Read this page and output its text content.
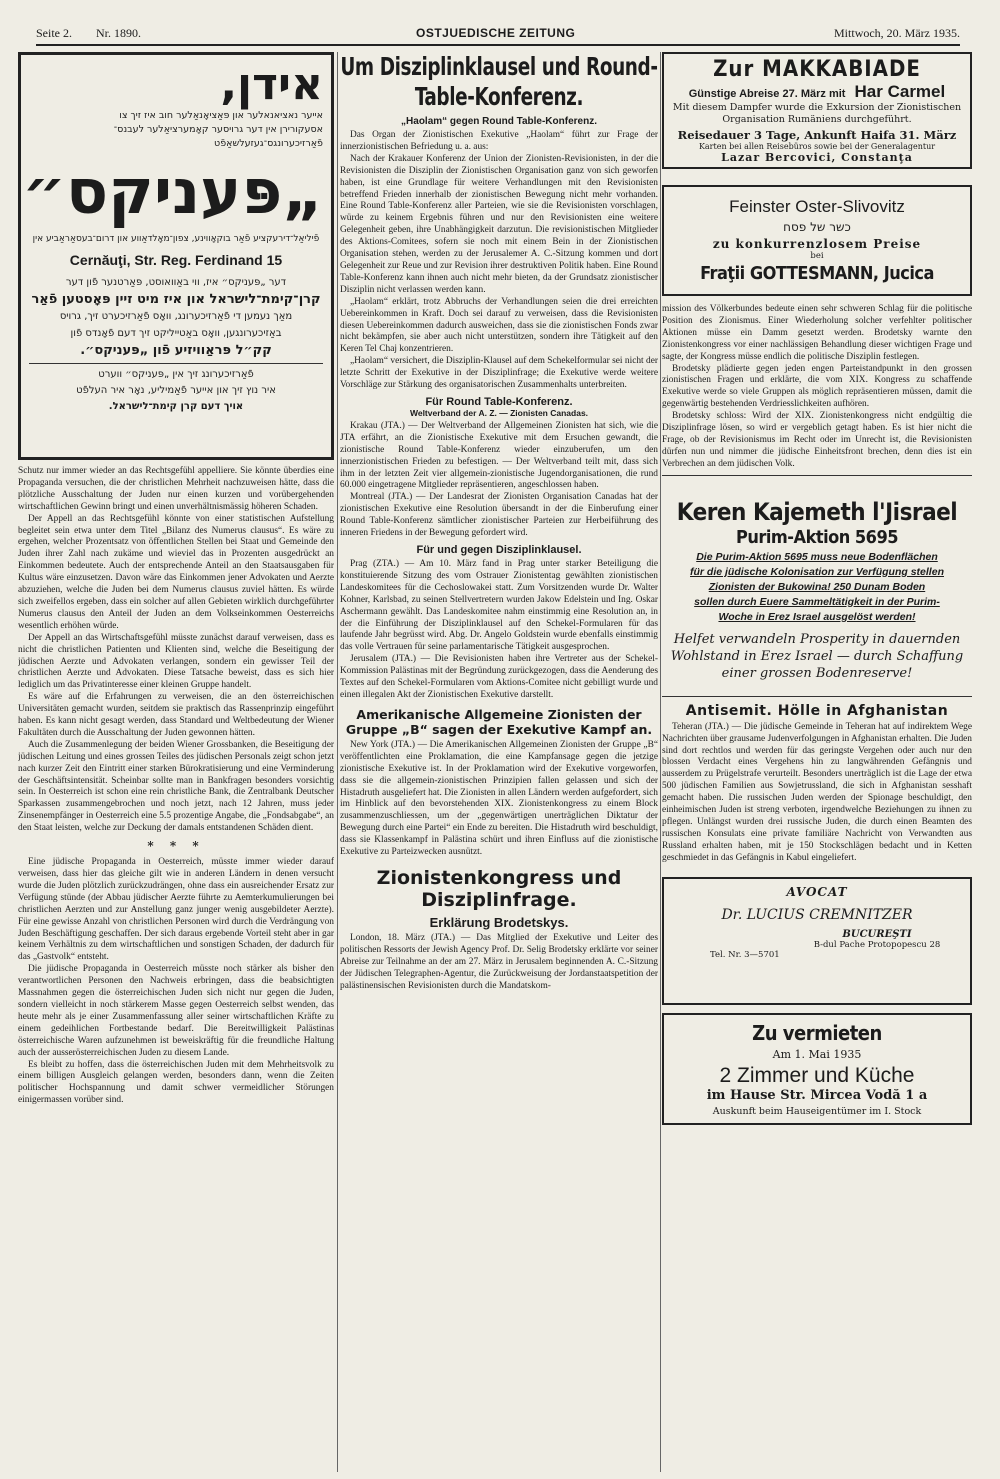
Seite 2. Nr. 1890.	OSTJUEDISCHE ZEITUNG	Mittwoch, 20. März 1935.
אידן,
אייער נאציאנאלער און פּאַציאָנאַלער חוב איז זיך צו
אסעקורירן אין דער גרויסער קאָמערציאַלער לעבנס־
פֿאַרזיכערונגס־געזעלשאַפֿט
„פּעניקס״
פֿיליאַל־דירעקציע פֿאַר בוקאָווינע, צפון־מאָלדאַווע און דרום־בעסאַראַביע אין
Cernăuţi, Str. Reg. Ferdinand 15
דער „פּעניקס״ איז, ווי באַוואוסט, פּאַרטנער פֿון דער
קרן־קימת־לישראל און איז מיט זיין פּאָסטען פֿאַר
מאַך נעמען די פֿאַרזיכערונג, וואָס פֿאַרזיכערט זיך, גרויס
באַזיכערונגען, וואָס באַטייליקט זיך דעם פֿאָנדס פֿון
קק״ל פּראַוויזיע פֿון „פּעניקס״.
פֿאַרזיכערונג זיך אין „פּעניקס״ ווערט
איר נוץ זיך און אייער פֿאַמיליע, נאָר איר העלפֿט
אויך דעם קרן קימת־לישראל.

Schutz nur immer wieder an das Rechtsgefühl appelliere. Sie könnte überdies eine Propaganda versuchen, die der christlichen Mehrheit nachzuweisen hätte, dass die plötzliche Ausschaltung der Juden nur einen kurzen und vorübergehenden wirtschaftlichen Gewinn bringt und einen unverhältnismässig höheren Schaden.

Der Appell an das Rechtsgefühl könnte von einer statistischen Aufstellung begleitet sein etwa unter dem Titel „Bilanz des Numerus clausus“. Es wäre zu ergehen, welcher Prozentsatz von öffentlichen Stellen bei Staat und Gemeinde den Juden ihrer Zahl nach zukäme und wieviel das in Prozenten ausgedrückt an Einkommen bedeutete. Auch der entsprechende Anteil an den Staatsausgaben für Kultus wäre einzusetzen. Davon wäre das Einkommen jener Advokaten und Aerzte abzuziehen, welche die Juden bei dem Numerus clausus zuviel hätten. Es würde sich zweifellos ergeben, dass ein solcher auf allen Gebieten wirklich durchgeführter Numerus clausus den Anteil der Juden an dem Volkseinkommen Oesterreichs wesentlich erhöhen würde.

Der Appell an das Wirtschaftsgefühl müsste zunächst darauf verweisen, dass es nicht die christlichen Patienten und Klienten sind, welche die Beseitigung der jüdischen Aerzte und Advokaten verlangen, sondern ein gewisser Teil der christlichen Aerzte und Advokaten. Diese Tatsache beweist, dass es sich hier lediglich um das Privatinteresse einer kleinen Gruppe handelt.

Es wäre auf die Erfahrungen zu verweisen, die an den österreichischen Universitäten gemacht wurden, seitdem sie praktisch das Rassenprinzip eingeführt haben. Es kann nicht gesagt werden, dass Standard und Weltbedeutung der Wiener Fakultäten durch die Ausschaltung der Juden gewonnen hätten.

Auch die Zusammenlegung der beiden Wiener Grossbanken, die Beseitigung der jüdischen Leitung und eines grossen Teiles des jüdischen Personals zeigt schon jetzt nach kurzer Zeit den Eintritt einer starken Bürokratisierung und eine Verminderung der Geschäftsintensität. Scheinbar sollte man in Bankfragen besonders vorsichtig sein. In Oesterreich ist schon eine rein christliche Bank, die Zentralbank Deutscher Sparkassen zusammengebrochen und noch jetzt, nach 12 Jahren, muss jeder Zinsenempfänger in Oesterreich eine 5.5 prozentige Angabe, die „Fondsabgabe“, an den Staat leisten, welche zur Deckung der damals entstandenen Schäden dient.

* * *

Eine jüdische Propaganda in Oesterreich, müsste immer wieder darauf verweisen, dass hier das gleiche gilt wie in anderen Ländern in denen versucht wurde die Juden plötzlich zurückzudrängen, ohne dass ein ausreichender Ersatz zur Verfügung stünde (der Abbau jüdischer Aerzte führte zu Aemterkumulierungen bei christlichen Aerzten und zur Anstellung ganz junger wenig ausgebildeter Aerzte). Für eine gewisse Anzahl von christlichen Personen wird durch die Verdrängung von Juden Beschäftigung geschaffen. Der sich daraus ergebende Vorteil steht aber in gar keinem Verhältnis zu dem wirtschaftlichen und sonstigen Schaden, der dadurch für das „Gastvolk“ entsteht.

Die jüdische Propaganda in Oesterreich müsste noch stärker als bisher den verantwortlichen Personen den Nachweis erbringen, dass die beabsichtigten Massnahmen gegen die österreichischen Juden sich nicht nur gegen die Juden, sondern vielleicht in noch stärkerem Masse gegen Oesterreich selbst wenden, das heute mehr als je einer Zusammenfassung aller seiner wirtschaftlichen Kräfte zu einem gedeihlichen Fortbestande bedarf. Die Bereitwilligkeit Palästinas österreichische Waren aufzunehmen ist beweiskräftig für die freundliche Haltung auch der ausserösterreichischen Juden zu diesem Lande.

Es bleibt zu hoffen, dass die österreichischen Juden mit dem Mehrheitsvolk zu einem billigen Ausgleich gelangen werden, besonders dann, wenn die Zeiten politischer Hochspannung und damit schwer vermeidlicher Störungen einigermassen vorüber sind.

Um Disziplinklausel und Round-Table-Konferenz.
„Haolam“ gegen Round Table-Konferenz.

Das Organ der Zionistischen Exekutive „Haolam“ führt zur Frage der innerzionistischen Befriedung u. a. aus:

Nach der Krakauer Konferenz der Union der Zionisten-Revisionisten, in der die Revisionisten die Disziplin der Zionistischen Organisation ganz von sich geworfen haben, ist eine Grundlage für weitere Verhandlungen mit den Revisionisten betreffend Frieden innerhalb der zionistischen Bewegung nicht mehr vorhanden. Eine Round Table-Konferenz aller Parteien, wie sie die Revisionisten vorschlagen, würde zu keinem Ergebnis führen und nur den Revisionisten eine weitere Gelegenheit geben, ihre Unabhängigkeit darzutun. Die revisionistischen Mitglieder des Aktions-Comitees, sofern sie noch mit einem Bein in der Zionistischen Organisation stehen, werden zu der Jerusalemer A. C.-Sitzung kommen und dort Gelegenheit zur Reue und zur Revision ihrer destruktiven Politik haben. Eine Round Table-Konferenz kann ihnen auch nicht mehr bieten, da der Grundsatz zionistischer Disziplin nicht verlassen werden kann.

„Haolam“ erklärt, trotz Abbruchs der Verhandlungen seien die drei erreichten Uebereinkommen in Kraft. Doch sei darauf zu verweisen, dass die Revisionisten diesen Uebereinkommen dadurch ausweichen, dass sie die zionistischen Fonds zwar nicht bekämpfen, sie aber auch nicht unterstützen, sondern ihre Tätigkeit auf den Keren Tel Chaj konzentrieren.

„Haolam“ versichert, die Disziplin-Klausel auf dem Schekelformular sei nicht der letzte Schritt der Exekutive in der Disziplinfrage; die Exekutive werde weitere Vorschläge zur Stärkung des organisatorischen Zusammenhalts unterbreiten.

Für Round Table-Konferenz.
Weltverband der A. Z. — Zionisten Canadas.

Krakau (JTA.) — Der Weltverband der Allgemeinen Zionisten hat sich, wie die JTA erfährt, an die Zionistische Exekutive mit dem Ersuchen gewandt, die zionistische Round Table-Konferenz wieder einzuberufen, um den innerzionistischen Frieden zu befestigen. — Der Weltverband teilt mit, dass sich ihm in der letzten Zeit vier allgemein-zionistische Jugendorganisationen, die rund 60.000 eingetragene Mitglieder repräsentieren, angeschlossen haben.

Montreal (JTA.) — Der Landesrat der Zionisten Organisation Canadas hat der zionistischen Exekutive eine Resolution übersandt in der die Einberufung einer Round Table-Konferenz sämtlicher zionistischer Parteien zur Herbeiführung des inneren Friedens in der Bewegung gefordert wird.

Für und gegen Disziplinklausel.

Prag (ZTA.) — Am 10. März fand in Prag unter starker Beteiligung die konstituierende Sitzung des vom Ostrauer Zionistentag gewählten zionistischen Landeskomitees für die Cechoslowakei statt. Zum Vorsitzenden wurde Dr. Walter Kohner, Karlsbad, zu seinen Stellvertretern wurden Jakow Edelstein und Ing. Oskar Aschermann gewählt. Das Landeskomitee nahm einstimmig eine Resolution an, in der die Einführung der Disziplinklausel auf den Schekel-Formularen für das laufende Jahr begrüsst wird. Abg. Dr. Angelo Goldstein wurde ebenfalls einstimmig das volle Vertrauen für seine parlamentarische Tätigkeit ausgesprochen.

Jerusalem (JTA.) — Die Revisionisten haben ihre Vertreter aus der Schekel-Kommission Palästinas mit der Begründung zurückgezogen, dass die Aenderung des Textes auf den Schekel-Formularen vom Aktions-Comitee nicht gebilligt wurde und einen illegalen Akt der Zionistischen Exekutive darstellt.

Amerikanische Allgemeine Zionisten der Gruppe „B“ sagen der Exekutive Kampf an.

New York (JTA.) — Die Amerikanischen Allgemeinen Zionisten der Gruppe „B“ veröffentlichten eine Proklamation, die eine Kampfansage gegen die jetzige zionistische Exekutive ist. In der Proklamation wird der Exekutive vorgeworfen, dass sie die allgemein-zionistischen Prinzipien fallen gelassen und sich der Histadruth ausgeliefert hat. Die Zionisten in allen Ländern werden aufgefordert, sich im Hinblick auf den bevorstehenden XIX. Zionistenkongress zu einem Block zusammenzuschliessen, um der „gegenwärtigen unerträglichen Diktatur der Bewegung durch eine Partei“ ein Ende zu bereiten. Die Histadruth wird beschuldigt, dass sie Klassenkampf in Palästina schürt und ihren Einfluss auf die zionistische Exekutive zu Parteizwecken ausnützt.

Zionistenkongress und Disziplinfrage.
Erklärung Brodetskys.

London, 18. März (JTA.) — Das Mitglied der Exekutive und Leiter des politischen Ressorts der Jewish Agency Prof. Dr. Selig Brodetsky erklärte vor seiner Abreise zur Teilnahme an der am 27. März in Jerusalem beginnenden A. C.-Sitzung der Jüdischen Telegraphen-Agentur, die Zurückweisung der Jordanstaatspetition der palästinensischen Revisionisten durch die Mandatskom-

Zur MAKKABIADE
Günstige Abreise 27. März mit Har Carmel
Mit diesem Dampfer wurde die Exkursion der Zionistischen Organisation Rumäniens durchgeführt.
Reisedauer 3 Tage, Ankunft Haifa 31. März
Karten bei allen Reisebüros sowie bei der Generalagentur
Lazar Bercovici, Constanţa
Feinster Oster-Slivovitz
כשר של פסח
zu konkurrenzlosem Preise
bei
Fraţii GOTTESMANN, Jucica

mission des Völkerbundes bedeute einen sehr schweren Schlag für die politische Position des Zionismus. Einer Wiederholung solcher verfehlter politischer Aktionen müsse ein Damm gesetzt werden. Brodetsky warnte den Zionistenkongress vor einer nachlässigen Behandlung dieser wichtigen Frage und sagte, der Kongress müsse endlich die politische Disziplin festlegen.

Brodetsky plädierte gegen jeden engen Parteistandpunkt in den grossen zionistischen Fragen und erklärte, die vom XIX. Kongress zu schaffende Exekutive werde so viele Gruppen als möglich repräsentieren müssen, damit die gegenwärtig bestehenden Verdriesslichkeiten aufhören.

Brodetsky schloss: Wird der XIX. Zionistenkongress nicht endgültig die Disziplinfrage lösen, so wird er vergeblich getagt haben. Es ist hier nicht die Frage, ob der Revisionismus im Recht oder im Unrecht ist, die Revisionisten dürfen nun und nimmer die jüdische Einheitsfront brechen, denn dies ist ein Verbrechen an dem jüdischen Volk.

Keren Kajemeth l'Jisrael
Purim-Aktion 5695
Die Purim-Aktion 5695 muss neue Bodenflächen
für die jüdische Kolonisation zur Verfügung stellen
Zionisten der Bukowina! 250 Dunam Boden
sollen durch Euere Sammeltätigkeit in der Purim-
Woche in Erez Israel ausgelöst werden!
Helfet verwandeln Prosperity in dauernden Wohlstand in Erez Israel — durch Schaffung einer grossen Bodenreserve!
Antisemit. Hölle in Afghanistan

Teheran (JTA.) — Die jüdische Gemeinde in Teheran hat auf indirektem Wege Nachrichten über grausame Judenverfolgungen in Afghanistan erhalten. Die Juden sind dort rechtlos und werden für das geringste Vergehen oder auch nur den blossen Verdacht eines Vergehens hin zu langwährenden Gefängnis und ausserdem zu Prügelstrafe verurteilt. Besonders unerträglich ist die Lage der etwa 500 jüdischen Familien aus Sowjetrussland, die sich in Afghanistan sesshaft gemacht haben. Die russischen Juden werden der Spionage beschuldigt, den einheimischen Juden ist streng verboten, irgendwelche Beziehungen zu ihnen zu pflegen. Unlängst wurden drei russische Juden, die durch einen Beamten des russischen Konsulats eine private familiäre Nachricht von Verwandten aus Russland erhalten haben, mit je 150 Stockschlägen bedacht und in Ketten geschmiedet in das Gefängnis in Kabul eingeliefert.

AVOCAT
Dr. LUCIUS CREMNITZER
BUCUREŞTI
B-dul Pache Protopopescu 28
Tel. Nr. 3—5701
Zu vermieten
Am 1. Mai 1935
2 Zimmer und Küche
im Hause Str. Mircea Vodă 1 a
Auskunft beim Hauseigentümer im I. Stock
